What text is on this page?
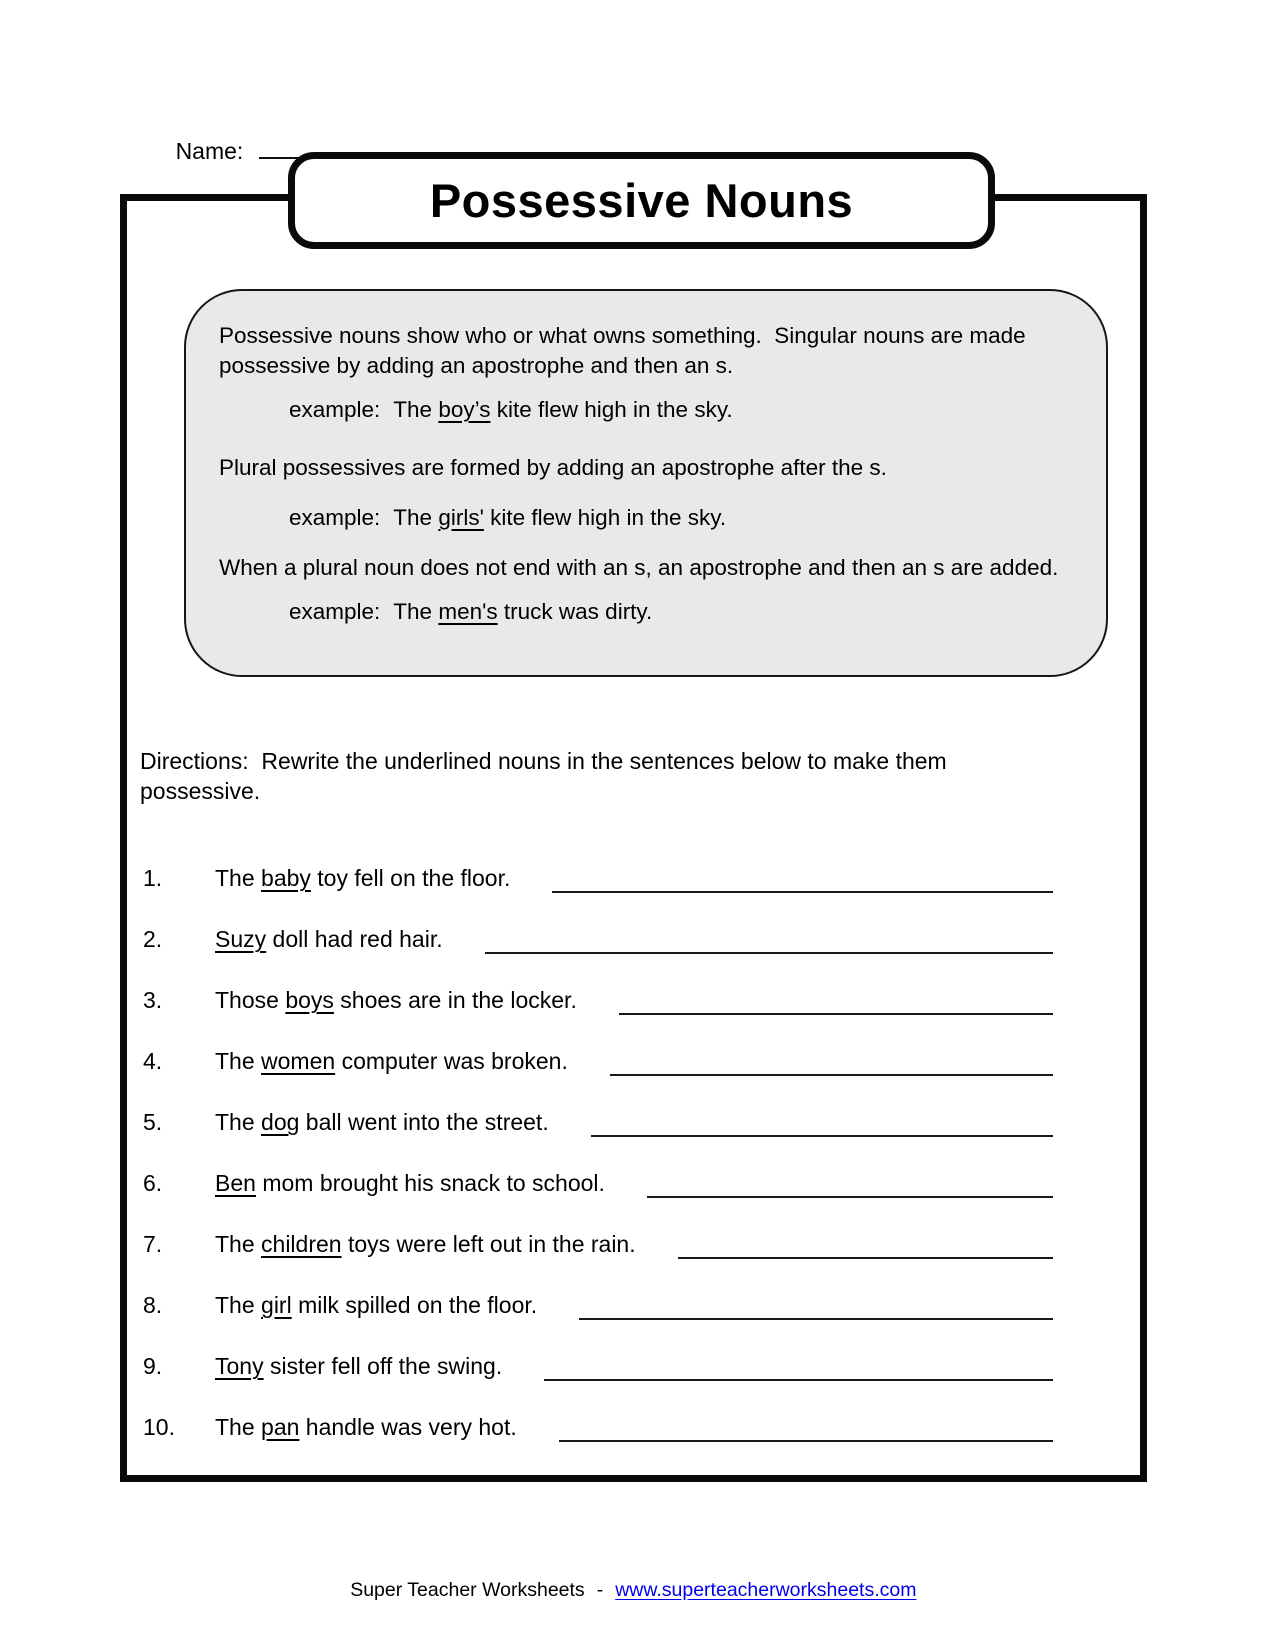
Name:

Possessive Nouns

Possessive nouns show who or what owns something.  Singular nouns are made possessive by adding an apostrophe and then an s.

example: The boy’s kite flew high in the sky.

Plural possessives are formed by adding an apostrophe after the s.

example: The girls' kite flew high in the sky.

When a plural noun does not end with an s, an apostrophe and then an s are added.

example: The men's truck was dirty.

Directions:  Rewrite the underlined nouns in the sentences below to make them possessive.
1.	The baby toy fell on the floor.
2.	Suzy doll had red hair.
3.	Those boys shoes are in the locker.
4.	The women computer was broken.
5.	The dog ball went into the street.
6.	Ben mom brought his snack to school.
7.	The children toys were left out in the rain.
8.	The girl milk spilled on the floor.
9.	Tony sister fell off the swing.
10.	The pan handle was very hot.

Super Teacher Worksheets - www.superteacherworksheets.com
